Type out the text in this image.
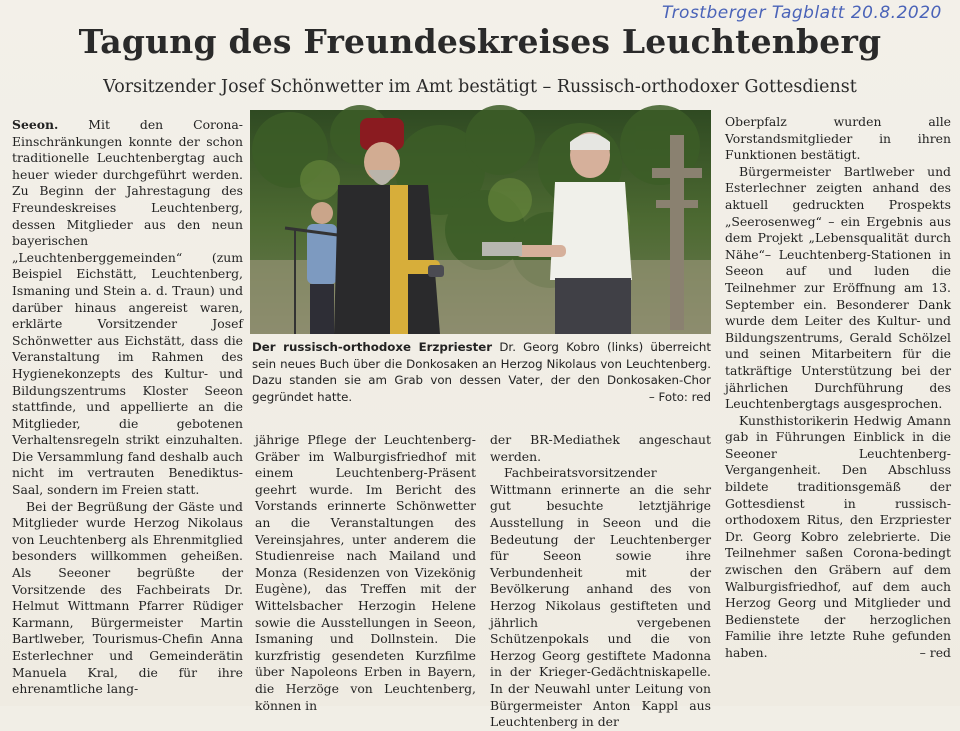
Trostberger Tagblatt 20.8.2020
Tagung des Freundeskreises Leuchtenberg
Vorsitzender Josef Schönwetter im Amt bestätigt – Russisch-orthodoxer Gottesdienst

Seeon. Mit den Corona-Einschränkungen konnte der schon traditionelle Leuchtenbergtag auch heuer wieder durchgeführt werden. Zu Beginn der Jahrestagung des Freundeskreises Leuchtenberg, dessen Mitglieder aus den neun bayerischen „Leuchtenberggemeinden“ (zum Beispiel Eichstätt, Leuchtenberg, Ismaning und Stein a. d. Traun) und darüber hinaus angereist waren, erklärte Vorsitzender Josef Schönwetter aus Eichstätt, dass die Veranstaltung im Rahmen des Hygienekonzepts des Kultur- und Bildungszentrums Kloster Seeon stattfinde, und appellierte an die Mitglieder, die gebotenen Verhaltensregeln strikt einzuhalten. Die Versammlung fand deshalb auch nicht im vertrauten Benediktus-Saal, sondern im Freien statt.

Bei der Begrüßung der Gäste und Mitglieder wurde Herzog Nikolaus von Leuchtenberg als Ehrenmitglied besonders willkommen geheißen. Als Seeoner begrüßte der Vorsitzende des Fachbeirats Dr. Helmut Wittmann Pfarrer Rüdiger Karmann, Bürgermeister Martin Bartlweber, Tourismus-Chefin Anna Esterlechner und Gemeinderätin Manuela Kral, die für ihre ehrenamtliche lang-

Der russisch-orthodoxe Erzpriester Dr. Georg Kobro (links) überreicht sein neues Buch über die Donkosaken an Herzog Nikolaus von Leuchtenberg. Dazu standen sie am Grab von dessen Vater, der den Donkosaken-Chor gegründet hatte.	– Foto: red

jährige Pflege der Leuchtenberg-Gräber im Walburgisfriedhof mit einem Leuchtenberg-Präsent geehrt wurde. Im Bericht des Vorstands erinnerte Schönwetter an die Veranstaltungen des Vereinsjahres, unter anderem die Studienreise nach Mailand und Monza (Residenzen von Vizekönig Eugène), das Treffen mit der Wittelsbacher Herzogin Helene sowie die Ausstellungen in Seeon, Ismaning und Dollnstein. Die kurzfristig gesendeten Kurzfilme über Napoleons Erben in Bayern, die Herzöge von Leuchtenberg, können in

der BR-Mediathek angeschaut werden.

Fachbeiratsvorsitzender Wittmann erinnerte an die sehr gut besuchte letztjährige Ausstellung in Seeon und die Bedeutung der Leuchtenberger für Seeon sowie ihre Verbundenheit mit der Bevölkerung anhand des von Herzog Nikolaus gestifteten und jährlich vergebenen Schützenpokals und die von Herzog Georg gestiftete Madonna in der Krieger-Gedächtniskapelle. In der Neuwahl unter Leitung von Bürgermeister Anton Kappl aus Leuchtenberg in der

Oberpfalz wurden alle Vorstandsmitglieder in ihren Funktionen bestätigt.

Bürgermeister Bartlweber und Esterlechner zeigten anhand des aktuell gedruckten Prospekts „Seerosenweg“ – ein Ergebnis aus dem Projekt „Lebensqualität durch Nähe“– Leuchtenberg-Stationen in Seeon auf und luden die Teilnehmer zur Eröffnung am 13. September ein. Besonderer Dank wurde dem Leiter des Kultur- und Bildungszentrums, Gerald Schölzel und seinen Mitarbeitern für die tatkräftige Unterstützung bei der jährlichen Durchführung des Leuchtenbergtags ausgesprochen.

Kunsthistorikerin Hedwig Amann gab in Führungen Einblick in die Seeoner Leuchtenberg-Vergangenheit. Den Abschluss bildete traditionsgemäß der Gottesdienst in russisch-orthodoxem Ritus, den Erzpriester Dr. Georg Kobro zelebrierte. Die Teilnehmer saßen Corona-bedingt zwischen den Gräbern auf dem Walburgisfriedhof, auf dem auch Herzog Georg und Mitglieder und Bedienstete der herzoglichen Familie ihre letzte Ruhe gefunden haben.	– red
